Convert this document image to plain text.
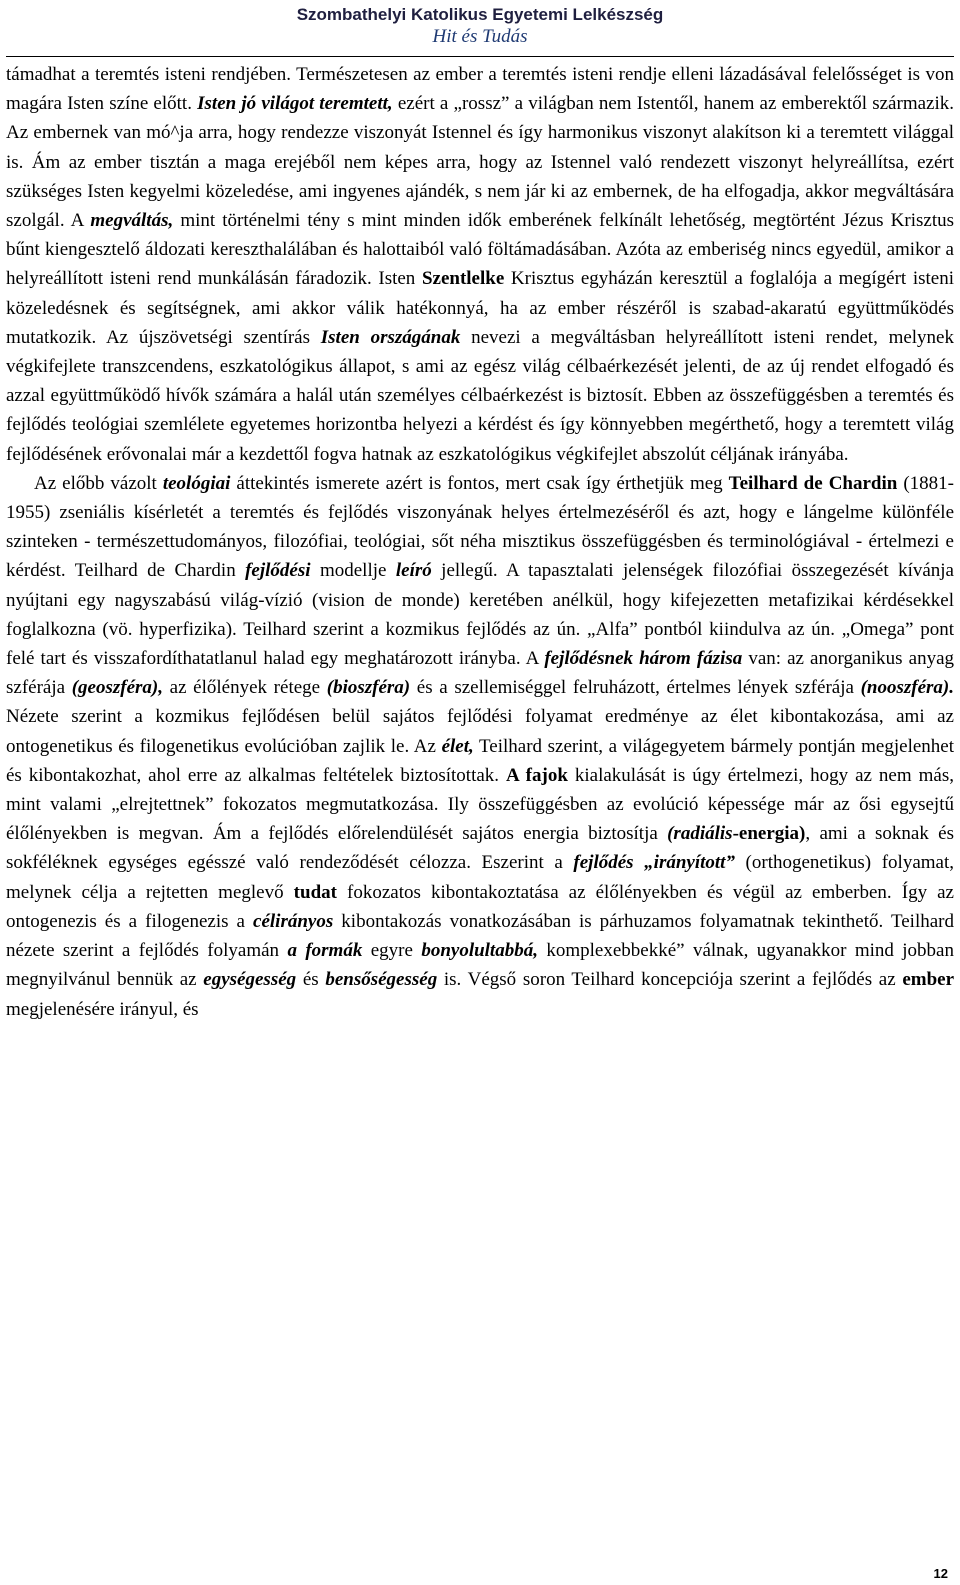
Szombathelyi Katolikus Egyetemi Lelkészség
Hit és Tudás

támadhat a teremtés isteni rendjében. Természetesen az ember a teremtés isteni rendje elleni lázadásával felelősséget is von magára Isten színe előtt. Isten jó világot teremtett, ezért a „rossz” a világban nem Istentől, hanem az emberektől származik. Az embernek van mó^ja arra, hogy rendezze viszonyát Istennel és így harmonikus viszonyt alakítson ki a teremtett világgal is. Ám az ember tisztán a maga erejéből nem képes arra, hogy az Istennel való rendezett viszonyt helyreállítsa, ezért szükséges Isten kegyelmi közeledése, ami ingyenes ajándék, s nem jár ki az embernek, de ha elfogadja, akkor megváltására szolgál. A megváltás, mint történelmi tény s mint minden idők emberének felkínált lehetőség, megtörtént Jézus Krisztus bűnt kiengesztelő áldozati kereszthalálában és halottaiból való föltámadásában. Azóta az emberiség nincs egyedül, amikor a helyreállított isteni rend munkálásán fáradozik. Isten Szentlelke Krisztus egyházán keresztül a foglalója a megígért isteni közeledésnek és segítségnek, ami akkor válik hatékonnyá, ha az ember részéről is szabad-akaratú együttműködés mutatkozik. Az újszövetségi szentírás Isten országának nevezi a megváltásban helyreállított isteni rendet, melynek végkifejlete transzcendens, eszkatológikus állapot, s ami az egész világ célbaérkezését jelenti, de az új rendet elfogadó és azzal együttműködő hívők számára a halál után személyes célbaérkezést is biztosít. Ebben az összefüggésben a teremtés és fejlődés teológiai szemlélete egyetemes horizontba helyezi a kérdést és így könnyebben megérthető, hogy a teremtett világ fejlődésének erővonalai már a kezdettől fogva hatnak az eszkatológikus végkifejlet abszolút céljának irányába.

Az előbb vázolt teológiai áttekintés ismerete azért is fontos, mert csak így érthetjük meg Teilhard de Chardin (1881-1955) zseniális kísérletét a teremtés és fejlődés viszonyának helyes értelmezéséről és azt, hogy e lángelme különféle szinteken - természettudományos, filozófiai, teológiai, sőt néha misztikus összefüggésben és terminológiával - értelmezi e kérdést. Teilhard de Chardin fejlődési modellje leíró jellegű. A tapasztalati jelenségek filozófiai összegezését kívánja nyújtani egy nagyszabású világ-vízió (vision de monde) keretében anélkül, hogy kifejezetten metafizikai kérdésekkel foglalkozna (vö. hyperfizika). Teilhard szerint a kozmikus fejlődés az ún. „Alfa” pontból kiindulva az ún. „Omega” pont felé tart és visszafordíthatatlanul halad egy meghatározott irányba. A fejlődésnek három fázisa van: az anorganikus anyag szférája (geoszféra), az élőlények rétege (bioszféra) és a szellemiséggel felruházott, értelmes lények szférája (nooszféra). Nézete szerint a kozmikus fejlődésen belül sajátos fejlődési folyamat eredménye az élet kibontakozása, ami az ontogenetikus és filogenetikus evolúcióban zajlik le. Az élet, Teilhard szerint, a világegyetem bármely pontján megjelenhet és kibontakozhat, ahol erre az alkalmas feltételek biztosítottak. A fajok kialakulását is úgy értelmezi, hogy az nem más, mint valami „elrejtettnek” fokozatos megmutatkozása. Ily összefüggésben az evolúció képessége már az ősi egysejtű élőlényekben is megvan. Ám a fejlődés előrelendülését sajátos energia biztosítja (radiális-energia), ami a soknak és sokféléknek egységes egésszé való rendeződését célozza. Eszerint a fejlődés „irányított” (orthogenetikus) folyamat, melynek célja a rejtetten meglevő tudat fokozatos kibontakoztatása az élőlényekben és végül az emberben. Így az ontogenezis és a filogenezis a célirányos kibontakozás vonatkozásában is párhuzamos folyamatnak tekinthető. Teilhard nézete szerint a fejlődés folyamán a formák egyre bonyolultabbá, komplexebbekké” válnak, ugyanakkor mind jobban megnyilvánul bennük az egységesség és bensőségesség is. Végső soron Teilhard koncepciója szerint a fejlődés az ember megjelenésére irányul, és

12
